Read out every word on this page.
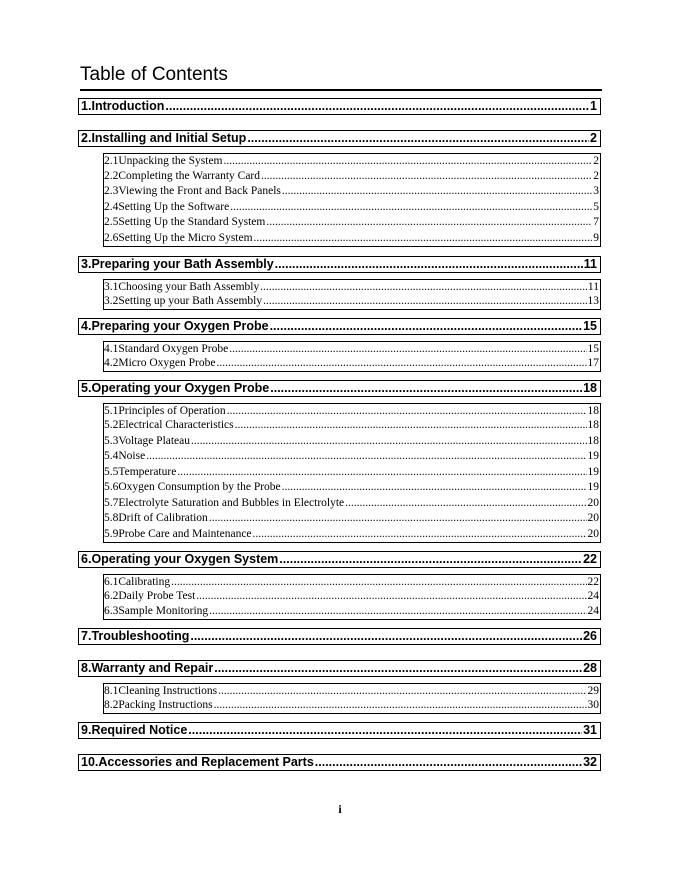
Table of Contents
1. Introduction .....	1
2. Installing and Initial Setup .....	2
2.1 Unpacking the System .....	2
2.2 Completing the Warranty Card .....	2
2.3 Viewing the Front and Back Panels .....	3
2.4 Setting Up the Software .....	5
2.5 Setting Up the Standard System .....	7
2.6 Setting Up the Micro System .....	9
3. Preparing your Bath Assembly .....	11
3.1 Choosing your Bath Assembly .....	11
3.2 Setting up your Bath Assembly .....	13
4. Preparing your Oxygen Probe .....	15
4.1 Standard Oxygen Probe .....	15
4.2 Micro Oxygen Probe .....	17
5. Operating your Oxygen Probe .....	18
5.1 Principles of Operation .....	18
5.2 Electrical Characteristics .....	18
5.3 Voltage Plateau .....	18
5.4 Noise .....	19
5.5 Temperature .....	19
5.6 Oxygen Consumption by the Probe .....	19
5.7 Electrolyte Saturation and Bubbles in Electrolyte .....	20
5.8 Drift of Calibration .....	20
5.9 Probe Care and Maintenance .....	20
6. Operating your Oxygen System .....	22
6.1 Calibrating .....	22
6.2 Daily Probe Test .....	24
6.3 Sample Monitoring .....	24
7. Troubleshooting .....	26
8. Warranty and Repair .....	28
8.1 Cleaning Instructions .....	29
8.2 Packing Instructions .....	30
9. Required Notice .....	31
10. Accessories and Replacement Parts .....	32
i
